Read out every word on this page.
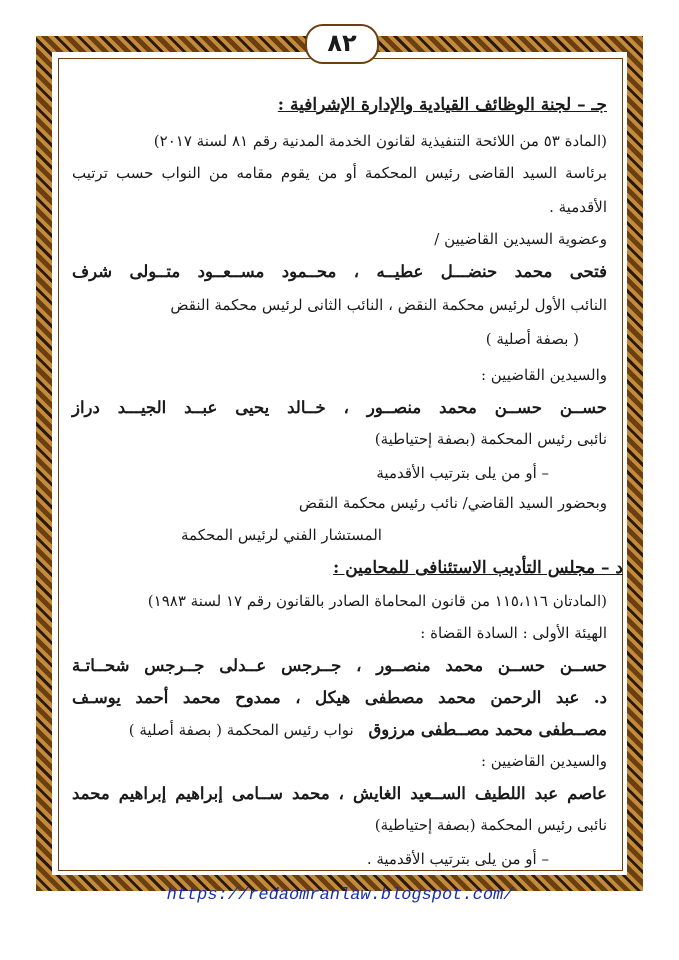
٨٢
جـ – لجنة الوظائف القيادية والإدارة الإشرافية :
(المادة ٥٣ من اللائحة التنفيذية لقانون الخدمة المدنية رقم ٨١ لسنة ٢٠١٧)
برئاسة السيد القاضى رئيس المحكمة أو من يقوم مقامه من النواب حسب ترتيب
الأقدمية .
وعضوية السيدين القاضيين /
فتحى محمد حنضـــل عطيــه ، محــمود مســعــود متــولى شرف
النائب الأول لرئيس محكمة النقض ، النائب الثانى لرئيس محكمة النقض
( بصفة أصلية )
والسيدين القاضيين :
حســن حســن محمد منصــور ، خــالد يحيى عبــد الجيـــد دراز
نائبى رئيس المحكمة (بصفة إحتياطية)
– أو من يلى بترتيب الأقدمية
وبحضور السيد القاضي/ نائب رئيس محكمة النقض
المستشار الفني لرئيس المحكمة
د – مجلس التأديب الاستئنافى للمحامين :
(المادتان ١١٥،١١٦ من قانون المحاماة الصادر بالقانون رقم ١٧ لسنة ١٩٨٣)
الهيئة الأولى : السادة القضاة :
حســن حســن محمد منصــور ، جــرجس عــدلى جــرجس شحــاتـة
د. عبد الرحمن محمد مصطفى هيكل ، ممدوح محمد أحمد يوسـف
مصــطفى محمد مصــطفى مرزوق نواب رئيس المحكمة ( بصفة أصلية )
والسيدين القاضيين :
عاصم عبد اللطيف الســعيد الغايش ، محمد ســامى إبراهيم إبراهيم محمد
نائبى رئيس المحكمة (بصفة إحتياطية)
– أو من يلى بترتيب الأقدمية .
https://redaomranlaw.blogspot.com/
